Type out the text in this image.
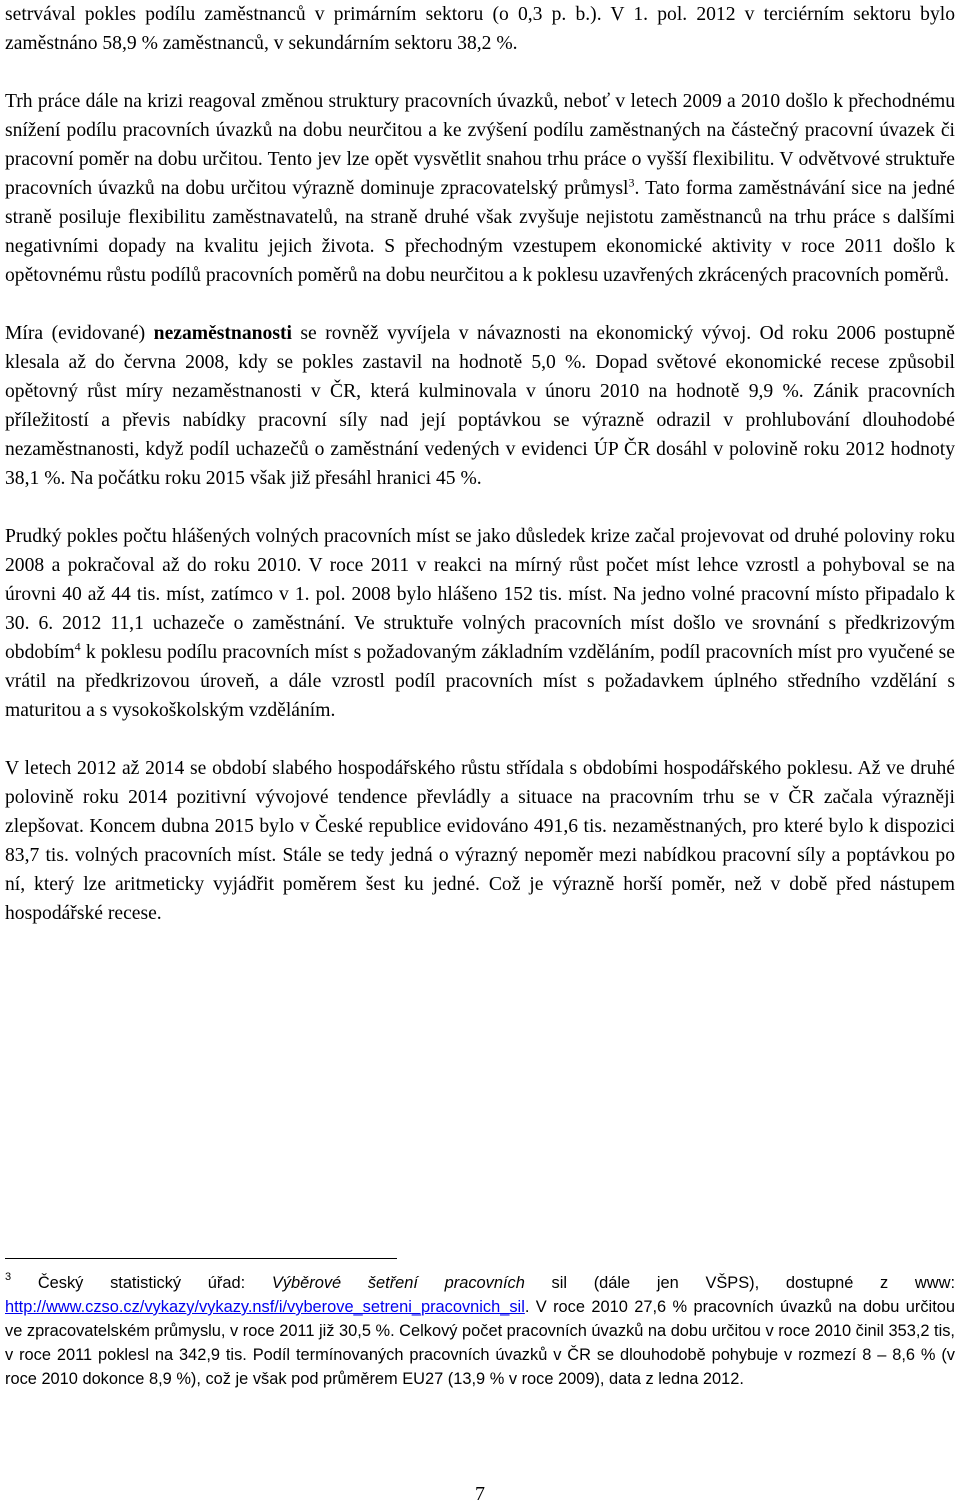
setrvával pokles podílu zaměstnanců v primárním sektoru (o 0,3 p. b.). V 1. pol. 2012 v terciérním sektoru bylo zaměstnáno 58,9 % zaměstnanců, v sekundárním sektoru 38,2 %.

Trh práce dále na krizi reagoval změnou struktury pracovních úvazků, neboť v letech 2009 a 2010 došlo k přechodnému snížení podílu pracovních úvazků na dobu neurčitou a ke zvýšení podílu zaměstnaných na částečný pracovní úvazek či pracovní poměr na dobu určitou. Tento jev lze opět vysvětlit snahou trhu práce o vyšší flexibilitu. V odvětvové struktuře pracovních úvazků na dobu určitou výrazně dominuje zpracovatelský průmysl$^3$. Tato forma zaměstnávání sice na jedné straně posiluje flexibilitu zaměstnavatelů, na straně druhé však zvyšuje nejistotu zaměstnanců na trhu práce s dalšími negativními dopady na kvalitu jejich života. S přechodným vzestupem ekonomické aktivity v roce 2011 došlo k opětovnému růstu podílů pracovních poměrů na dobu neurčitou a k poklesu uzavřených zkrácených pracovních poměrů.

Míra (evidované) nezaměstnanosti se rovněž vyvíjela v návaznosti na ekonomický vývoj. Od roku 2006 postupně klesala až do června 2008, kdy se pokles zastavil na hodnotě 5,0 %. Dopad světové ekonomické recese způsobil opětovný růst míry nezaměstnanosti v ČR, která kulminovala v únoru 2010 na hodnotě 9,9 %. Zánik pracovních příležitostí a převis nabídky pracovní síly nad její poptávkou se výrazně odrazil v prohlubování dlouhodobé nezaměstnanosti, když podíl uchazečů o zaměstnání vedených v evidenci ÚP ČR dosáhl v polovině roku 2012 hodnoty 38,1 %. Na počátku roku 2015 však již přesáhl hranici 45 %.

Prudký pokles počtu hlášených volných pracovních míst se jako důsledek krize začal projevovat od druhé poloviny roku 2008 a pokračoval až do roku 2010. V roce 2011 v reakci na mírný růst počet míst lehce vzrostl a pohyboval se na úrovni 40 až 44 tis. míst, zatímco v 1. pol. 2008 bylo hlášeno 152 tis. míst. Na jedno volné pracovní místo připadalo k 30. 6. 2012 11,1 uchazeče o zaměstnání. Ve struktuře volných pracovních míst došlo ve srovnání s předkrizovým obdobím$^4$ k poklesu podílu pracovních míst s požadovaným základním vzděláním, podíl pracovních míst pro vyučené se vrátil na předkrizovou úroveň, a dále vzrostl podíl pracovních míst s požadavkem úplného středního vzdělání s maturitou a s vysokoškolským vzděláním.

V letech 2012 až 2014 se období slabého hospodářského růstu střídala s obdobími hospodářského poklesu. Až ve druhé polovině roku 2014 pozitivní vývojové tendence převládly a situace na pracovním trhu se v ČR začala výrazněji zlepšovat. Koncem dubna 2015 bylo v České republice evidováno 491,6 tis. nezaměstnaných, pro které bylo k dispozici 83,7 tis. volných pracovních míst. Stále se tedy jedná o výrazný nepoměr mezi nabídkou pracovní síly a poptávkou po ní, který lze aritmeticky vyjádřit poměrem šest ku jedné. Což je výrazně horší poměr, než v době před nástupem hospodářské recese.

$^3$ Český statistický úřad: Výběrové šetření pracovních sil (dále jen VŠPS), dostupné z www: http://www.czso.cz/vykazy/vykazy.nsf/i/vyberove_setreni_pracovnich_sil. V roce 2010 27,6 % pracovních úvazků na dobu určitou ve zpracovatelském průmyslu, v roce 2011 již 30,5 %. Celkový počet pracovních úvazků na dobu určitou v roce 2010 činil 353,2 tis, v roce 2011 poklesl na 342,9 tis. Podíl termínovaných pracovních úvazků v ČR se dlouhodobě pohybuje v rozmezí 8 – 8,6 % (v roce 2010 dokonce 8,9 %), což je však pod průměrem EU27 (13,9 % v roce 2009), data z ledna 2012.

7
